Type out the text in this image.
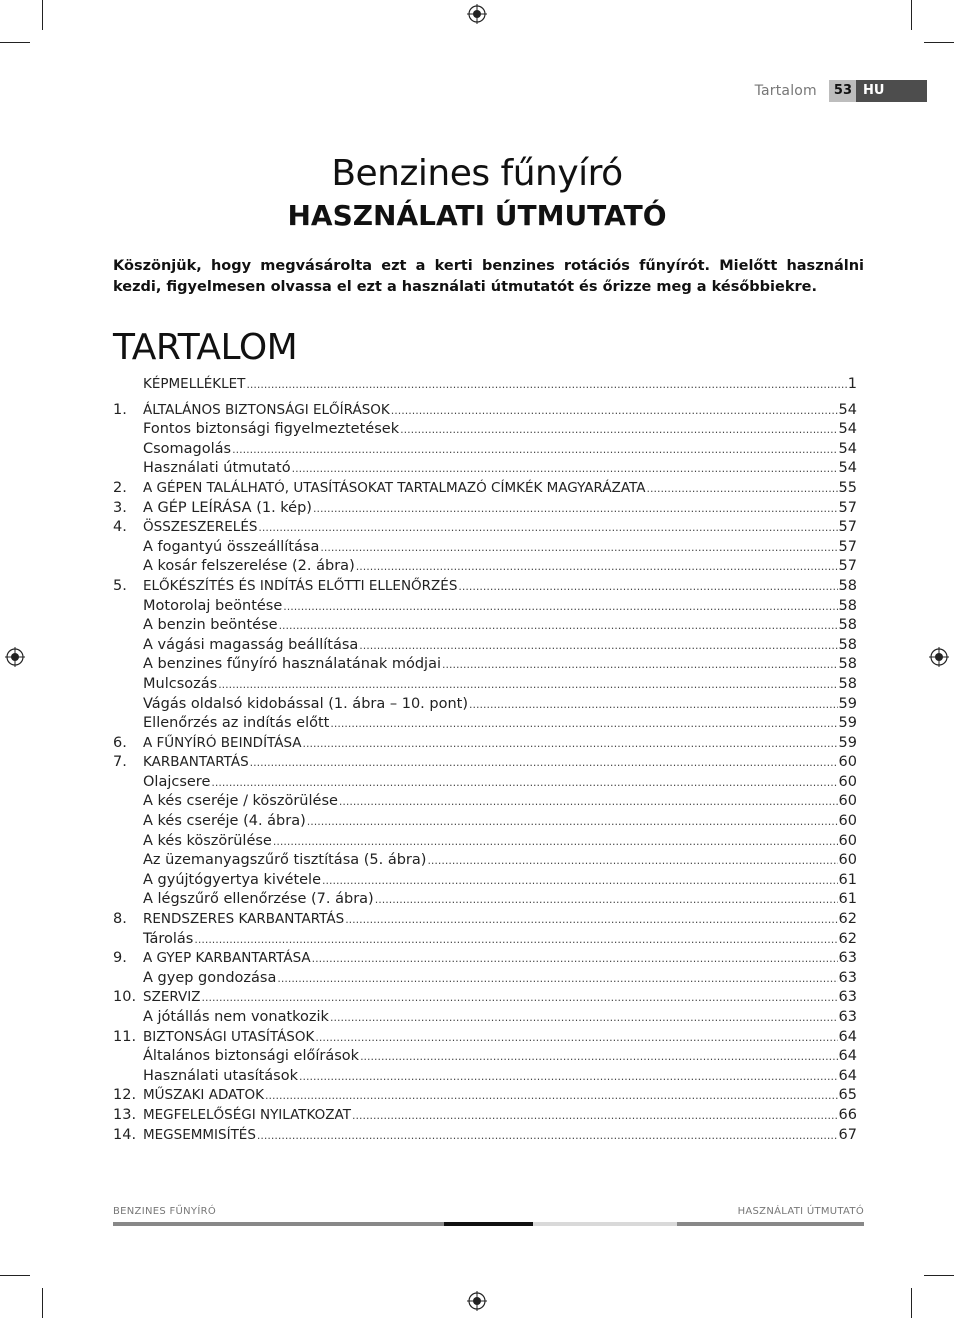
Tartalom	53 HU
Benzines fűnyíró
HASZNÁLATI ÚTMUTATÓ

Köszönjük, hogy megvásárolta ezt a kerti benzines rotációs fűnyírót. Mielőtt használni kezdi, figyelmesen olvassa el ezt a használati útmutatót és őrizze meg a későbbiekre.

TARTALOM
KÉPMELLÉKLET .....	1
1.	ÁLTALÁNOS BIZTONSÁGI ELŐÍRÁSOK .....	54
Fontos biztonsági figyelmeztetések .....	54
Csomagolás .....	54
Használati útmutató .....	54
2.	A GÉPEN TALÁLHATÓ, UTASÍTÁSOKAT TARTALMAZÓ CÍMKÉK MAGYARÁZATA .....	55
3.	A GÉP LEÍRÁSA (1. kép) .....	57
4.	ÖSSZESZERELÉS .....	57
A fogantyú összeállítása .....	57
A kosár felszerelése (2. ábra) .....	57
5.	ELŐKÉSZÍTÉS ÉS INDÍTÁS ELŐTTI ELLENŐRZÉS .....	58
Motorolaj beöntése .....	58
A benzin beöntése .....	58
A vágási magasság beállítása .....	58
A benzines fűnyíró használatának módjai .....	58
Mulcsozás .....	58
Vágás oldalsó kidobással (1. ábra – 10. pont) .....	59
Ellenőrzés az indítás előtt .....	59
6.	A FŰNYÍRÓ BEINDÍTÁSA .....	59
7.	KARBANTARTÁS .....	60
Olajcsere .....	60
A kés cseréje / köszörülése .....	60
A kés cseréje (4. ábra) .....	60
A kés köszörülése .....	60
Az üzemanyagszűrő tisztítása (5. ábra) .....	60
A gyújtógyertya kivétele .....	61
A légszűrő ellenőrzése (7. ábra) .....	61
8.	RENDSZERES KARBANTARTÁS .....	62
Tárolás .....	62
9.	A GYEP KARBANTARTÁSA .....	63
A gyep gondozása .....	63
10. SZERVIZ .....	63
A jótállás nem vonatkozik .....	63
11. BIZTONSÁGI UTASÍTÁSOK .....	64
Általános biztonsági előírások .....	64
Használati utasítások .....	64
12. MŰSZAKI ADATOK .....	65
13. MEGFELELŐSÉGI NYILATKOZAT .....	66
14. MEGSEMMISÍTÉS .....	67
BENZINES FŰNYÍRÓ	HASZNÁLATI ÚTMUTATÓ
